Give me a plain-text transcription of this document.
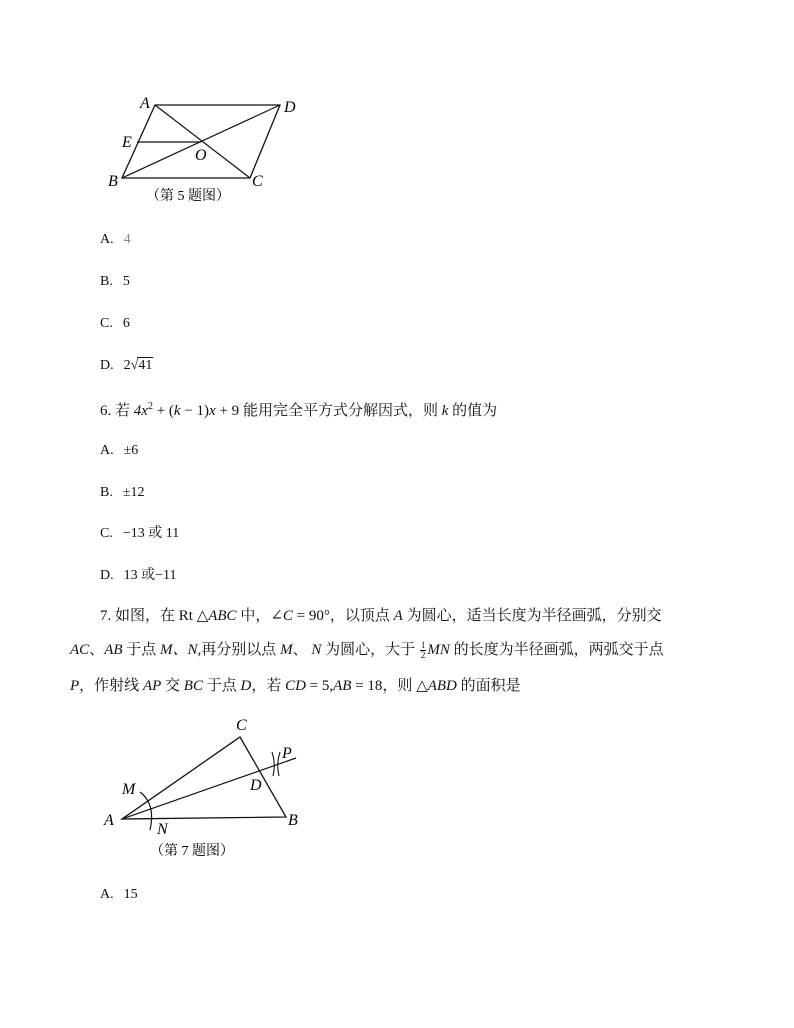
A	D
E
O
B	C
（第 5 题图）
A. 4
B. 5
C. 6
D. 2√41
6. 若 $4x^2 + (k - 1)x + 9$ 能用完全平方式分解因式，则 k 的值为
A. ±6
B. ±12
C. −13 或 11
D. 13 或−11
7. 如图，在 Rt △ABC 中，∠C = 90°，以顶点 A 为圆心，适当长度为半径画弧，分别交
AC、AB 于点 M、N,再分别以点 M、 N 为圆心，大于 $\frac{1}{2}$ MN 的长度为半径画弧，两弧交于点
P，作射线 AP 交 BC 于点 D，若 CD = 5,AB = 18，则 △ABD 的面积是
C
P
D
M
A
N
B
（第 7 题图）
A. 15
